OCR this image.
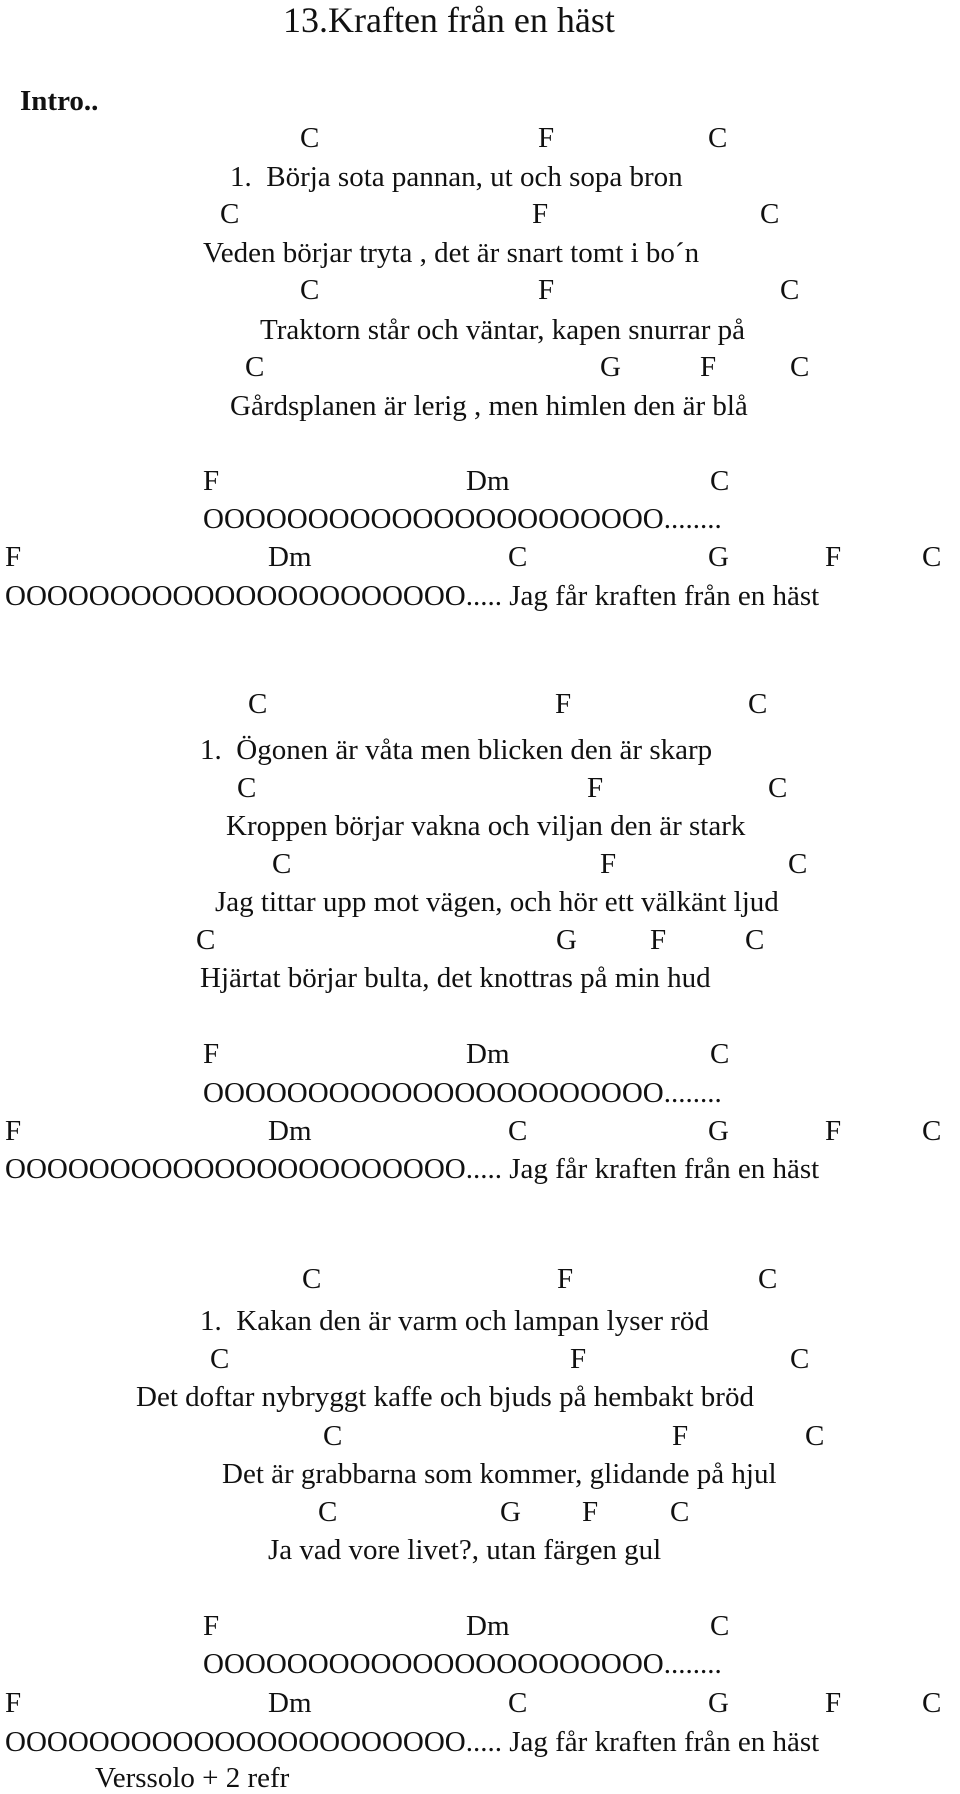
13.Kraften från en häst
Intro..
C	F	C
1.  Börja sota pannan, ut och sopa bron
C	F	C
Veden börjar tryta , det är snart tomt i bo´n
C	F	C
Traktorn står och väntar, kapen snurrar på
C	G	F	C
Gårdsplanen är lerig , men himlen den är blå
F	Dm	C
OOOOOOOOOOOOOOOOOOOOOO........
F	Dm	C	G	F	C
OOOOOOOOOOOOOOOOOOOOOO..... Jag får kraften från en häst
C	F	C
1.  Ögonen är våta men blicken den är skarp
C	F	C
Kroppen börjar vakna och viljan den är stark
C	F	C
Jag tittar upp mot vägen, och hör ett välkänt ljud
C	G	F	C
Hjärtat börjar bulta, det knottras på min hud
F	Dm	C
OOOOOOOOOOOOOOOOOOOOOO........
F	Dm	C	G	F	C
OOOOOOOOOOOOOOOOOOOOOO..... Jag får kraften från en häst
C	F	C
1.  Kakan den är varm och lampan lyser röd
C	F	C
Det doftar nybryggt kaffe och bjuds på hembakt bröd
C	F	C
Det är grabbarna som kommer, glidande på hjul
C	G F C
Ja vad vore livet?, utan färgen gul
F	Dm	C
OOOOOOOOOOOOOOOOOOOOOO........
F	Dm	C	G	F	C
OOOOOOOOOOOOOOOOOOOOOO..... Jag får kraften från en häst
Verssolo + 2 refr
